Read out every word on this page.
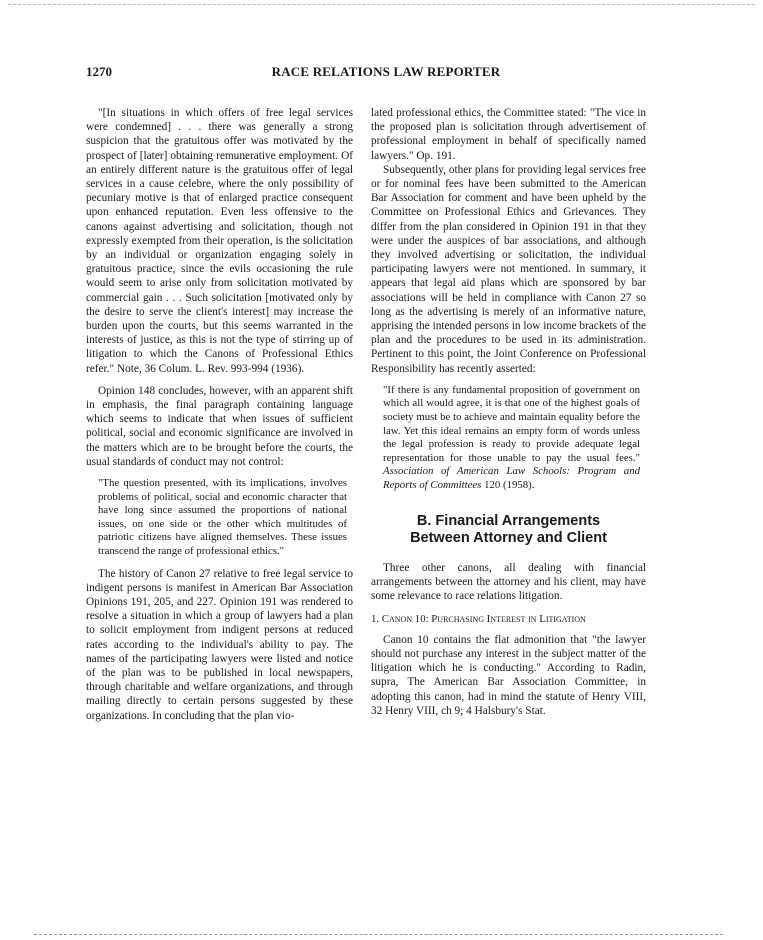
1270	RACE RELATIONS LAW REPORTER

"[In situations in which offers of free legal services were condemned] . . . there was generally a strong suspicion that the gratuitous offer was motivated by the prospect of [later] obtaining remunerative employment. Of an entirely different nature is the gratuitous offer of legal services in a cause celebre, where the only possibility of pecuniary motive is that of enlarged practice consequent upon enhanced reputation. Even less offensive to the canons against advertising and solicitation, though not expressly exempted from their operation, is the solicitation by an individual or organization engaging solely in gratuitous practice, since the evils occasioning the rule would seem to arise only from solicitation motivated by commercial gain . . . Such solicitation [motivated only by the desire to serve the client's interest] may increase the burden upon the courts, but this seems warranted in the interests of justice, as this is not the type of stirring up of litigation to which the Canons of Professional Ethics refer." Note, 36 Colum. L. Rev. 993-994 (1936).

Opinion 148 concludes, however, with an apparent shift in emphasis, the final paragraph containing language which seems to indicate that when issues of sufficient political, social and economic significance are involved in the matters which are to be brought before the courts, the usual standards of conduct may not control:

"The question presented, with its implications, involves problems of political, social and economic character that have long since assumed the proportions of national issues, on one side or the other which multitudes of patriotic citizens have aligned themselves. These issues transcend the range of professional ethics."

The history of Canon 27 relative to free legal service to indigent persons is manifest in American Bar Association Opinions 191, 205, and 227. Opinion 191 was rendered to resolve a situation in which a group of lawyers had a plan to solicit employment from indigent persons at reduced rates according to the individual's ability to pay. The names of the participating lawyers were listed and notice of the plan was to be published in local newspapers, through charitable and welfare organizations, and through mailing directly to certain persons suggested by these organizations. In concluding that the plan vio-

lated professional ethics, the Committee stated: "The vice in the proposed plan is solicitation through advertisement of professional employment in behalf of specifically named lawyers." Op. 191.

Subsequently, other plans for providing legal services free or for nominal fees have been submitted to the American Bar Association for comment and have been upheld by the Committee on Professional Ethics and Grievances. They differ from the plan considered in Opinion 191 in that they were under the auspices of bar associations, and although they involved advertising or solicitation, the individual participating lawyers were not mentioned. In summary, it appears that legal aid plans which are sponsored by bar associations will be held in compliance with Canon 27 so long as the advertising is merely of an informative nature, apprising the intended persons in low income brackets of the plan and the procedures to be used in its administration. Pertinent to this point, the Joint Conference on Professional Responsibility has recently asserted:

"If there is any fundamental proposition of government on which all would agree, it is that one of the highest goals of society must be to achieve and maintain equality before the law. Yet this ideal remains an empty form of words unless the legal profession is ready to provide adequate legal representation for those unable to pay the usual fees." Association of American Law Schools: Program and Reports of Committees 120 (1958).
B. Financial Arrangements
Between Attorney and Client

Three other canons, all dealing with financial arrangements between the attorney and his client, may have some relevance to race relations litigation.

1. Canon 10: Purchasing Interest in Litigation

Canon 10 contains the flat admonition that "the lawyer should not purchase any interest in the subject matter of the litigation which he is conducting." According to Radin, supra, The American Bar Association Committee, in adopting this canon, had in mind the statute of Henry VIII, 32 Henry VIII, ch 9; 4 Halsbury's Stat.
